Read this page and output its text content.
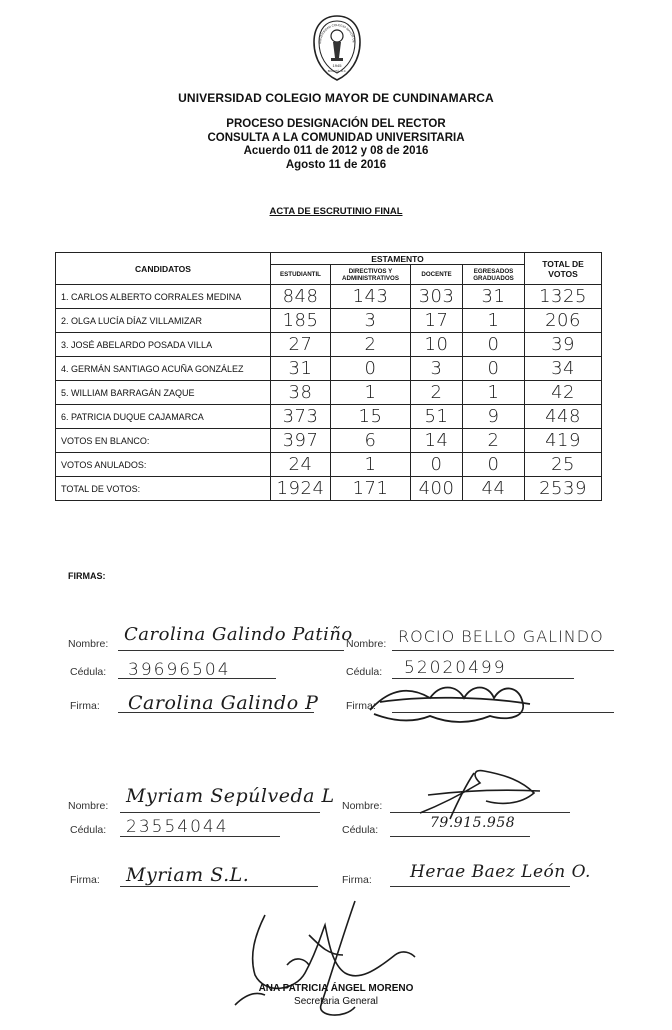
1945
BOGOTÁ · D.C.
UNIVERSIDAD COLEGIO MAYOR DE
UNIVERSIDAD COLEGIO MAYOR DE CUNDINAMARCA
PROCESO DESIGNACIÓN DEL RECTOR
CONSULTA A LA COMUNIDAD UNIVERSITARIA
Acuerdo 011 de 2012 y 08 de 2016
Agosto 11 de 2016
ACTA DE ESCRUTINIO FINAL
CANDIDATOS	ESTAMENTO				TOTAL DE VOTOS
	ESTUDIANTIL	DIRECTIVOS Y ADMINISTRATIVOS	DOCENTE	EGRESADOS GRADUADOS	
1. CARLOS ALBERTO CORRALES MEDINA	848	143	303	31	1325
2. OLGA LUCÍA DÍAZ VILLAMIZAR	185	3	17	1	206
3. JOSÉ ABELARDO POSADA VILLA	27	2	10	0	39
4. GERMÁN SANTIAGO ACUÑA GONZÁLEZ	31	0	3	0	34
5. WILLIAM BARRAGÁN ZAQUE	38	1	2	1	42
6. PATRICIA DUQUE CAJAMARCA	373	15	51	9	448
VOTOS EN BLANCO:	397	6	14	2	419
VOTOS ANULADOS:	24	1	0	0	25
TOTAL DE VOTOS:	1924	171	400	44	2539
FIRMAS:
Nombre: Carolina Galindo Patiño
Cédula: 39696504
Firma: Carolina Galindo P
Nombre: ROCIO BELLO GALINDO
Cédula: 52020499
Firma:
Nombre: Myriam Sepúlveda L
Cédula: 23554044
Firma: Myriam S.L.
Nombre:
Cédula:	79.915.958
Firma: Herae Baez León O.
ANA PATRICIA ÁNGEL MORENO
Secretaria General
